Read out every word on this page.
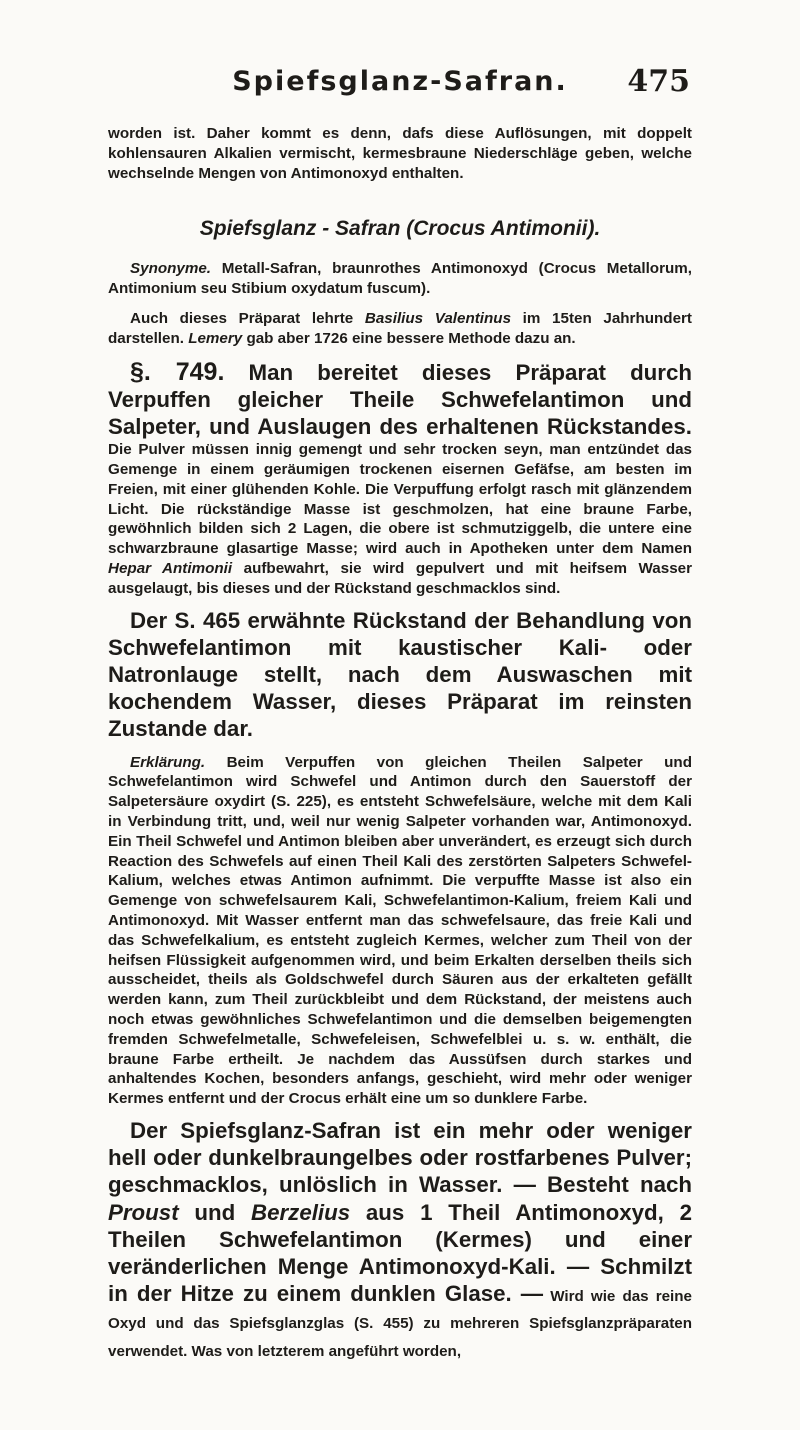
Spiefsglanz-Safran.	475

worden ist. Daher kommt es denn, dafs diese Auflösungen, mit doppelt kohlensauren Alkalien vermischt, kermesbraune Niederschläge geben, welche wechselnde Mengen von Antimonoxyd enthalten.

Spiefsglanz - Safran (Crocus Antimonii).

Synonyme. Metall-Safran, braunrothes Antimonoxyd (Crocus Metallorum, Antimonium seu Stibium oxydatum fuscum).

Auch dieses Präparat lehrte Basilius Valentinus im 15ten Jahrhundert darstellen. Lemery gab aber 1726 eine bessere Methode dazu an.

§. 749. Man bereitet dieses Präparat durch Verpuffen gleicher Theile Schwefelantimon und Salpeter, und Auslaugen des erhaltenen Rückstandes. Die Pulver müssen innig gemengt und sehr trocken seyn, man entzündet das Gemenge in einem geräumigen trockenen eisernen Gefäfse, am besten im Freien, mit einer glühenden Kohle. Die Verpuffung erfolgt rasch mit glänzendem Licht. Die rückständige Masse ist geschmolzen, hat eine braune Farbe, gewöhnlich bilden sich 2 Lagen, die obere ist schmutziggelb, die untere eine schwarzbraune glasartige Masse; wird auch in Apotheken unter dem Namen Hepar Antimonii aufbewahrt, sie wird gepulvert und mit heifsem Wasser ausgelaugt, bis dieses und der Rückstand geschmacklos sind.

Der S. 465 erwähnte Rückstand der Behandlung von Schwefelantimon mit kaustischer Kali- oder Natronlauge stellt, nach dem Auswaschen mit kochendem Wasser, dieses Präparat im reinsten Zustande dar.

Erklärung. Beim Verpuffen von gleichen Theilen Salpeter und Schwefelantimon wird Schwefel und Antimon durch den Sauerstoff der Salpetersäure oxydirt (S. 225), es entsteht Schwefelsäure, welche mit dem Kali in Verbindung tritt, und, weil nur wenig Salpeter vorhanden war, Antimonoxyd. Ein Theil Schwefel und Antimon bleiben aber unverändert, es erzeugt sich durch Reaction des Schwefels auf einen Theil Kali des zerstörten Salpeters Schwefel-Kalium, welches etwas Antimon aufnimmt. Die verpuffte Masse ist also ein Gemenge von schwefelsaurem Kali, Schwefelantimon-Kalium, freiem Kali und Antimonoxyd. Mit Wasser entfernt man das schwefelsaure, das freie Kali und das Schwefelkalium, es entsteht zugleich Kermes, welcher zum Theil von der heifsen Flüssigkeit aufgenommen wird, und beim Erkalten derselben theils sich ausscheidet, theils als Goldschwefel durch Säuren aus der erkalteten gefällt werden kann, zum Theil zurückbleibt und dem Rückstand, der meistens auch noch etwas gewöhnliches Schwefelantimon und die demselben beigemengten fremden Schwefelmetalle, Schwefeleisen, Schwefelblei u. s. w. enthält, die braune Farbe ertheilt. Je nachdem das Aussüfsen durch starkes und anhaltendes Kochen, besonders anfangs, geschieht, wird mehr oder weniger Kermes entfernt und der Crocus erhält eine um so dunklere Farbe.

Der Spiefsglanz-Safran ist ein mehr oder weniger hell oder dunkelbraungelbes oder rostfarbenes Pulver; geschmacklos, unlöslich in Wasser. — Besteht nach Proust und Berzelius aus 1 Theil Antimonoxyd, 2 Theilen Schwefelantimon (Kermes) und einer veränderlichen Menge Antimonoxyd-Kali. — Schmilzt in der Hitze zu einem dunklen Glase. — Wird wie das reine Oxyd und das Spiefsglanzglas (S. 455) zu mehreren Spiefsglanzpräparaten verwendet. Was von letzterem angeführt worden,
